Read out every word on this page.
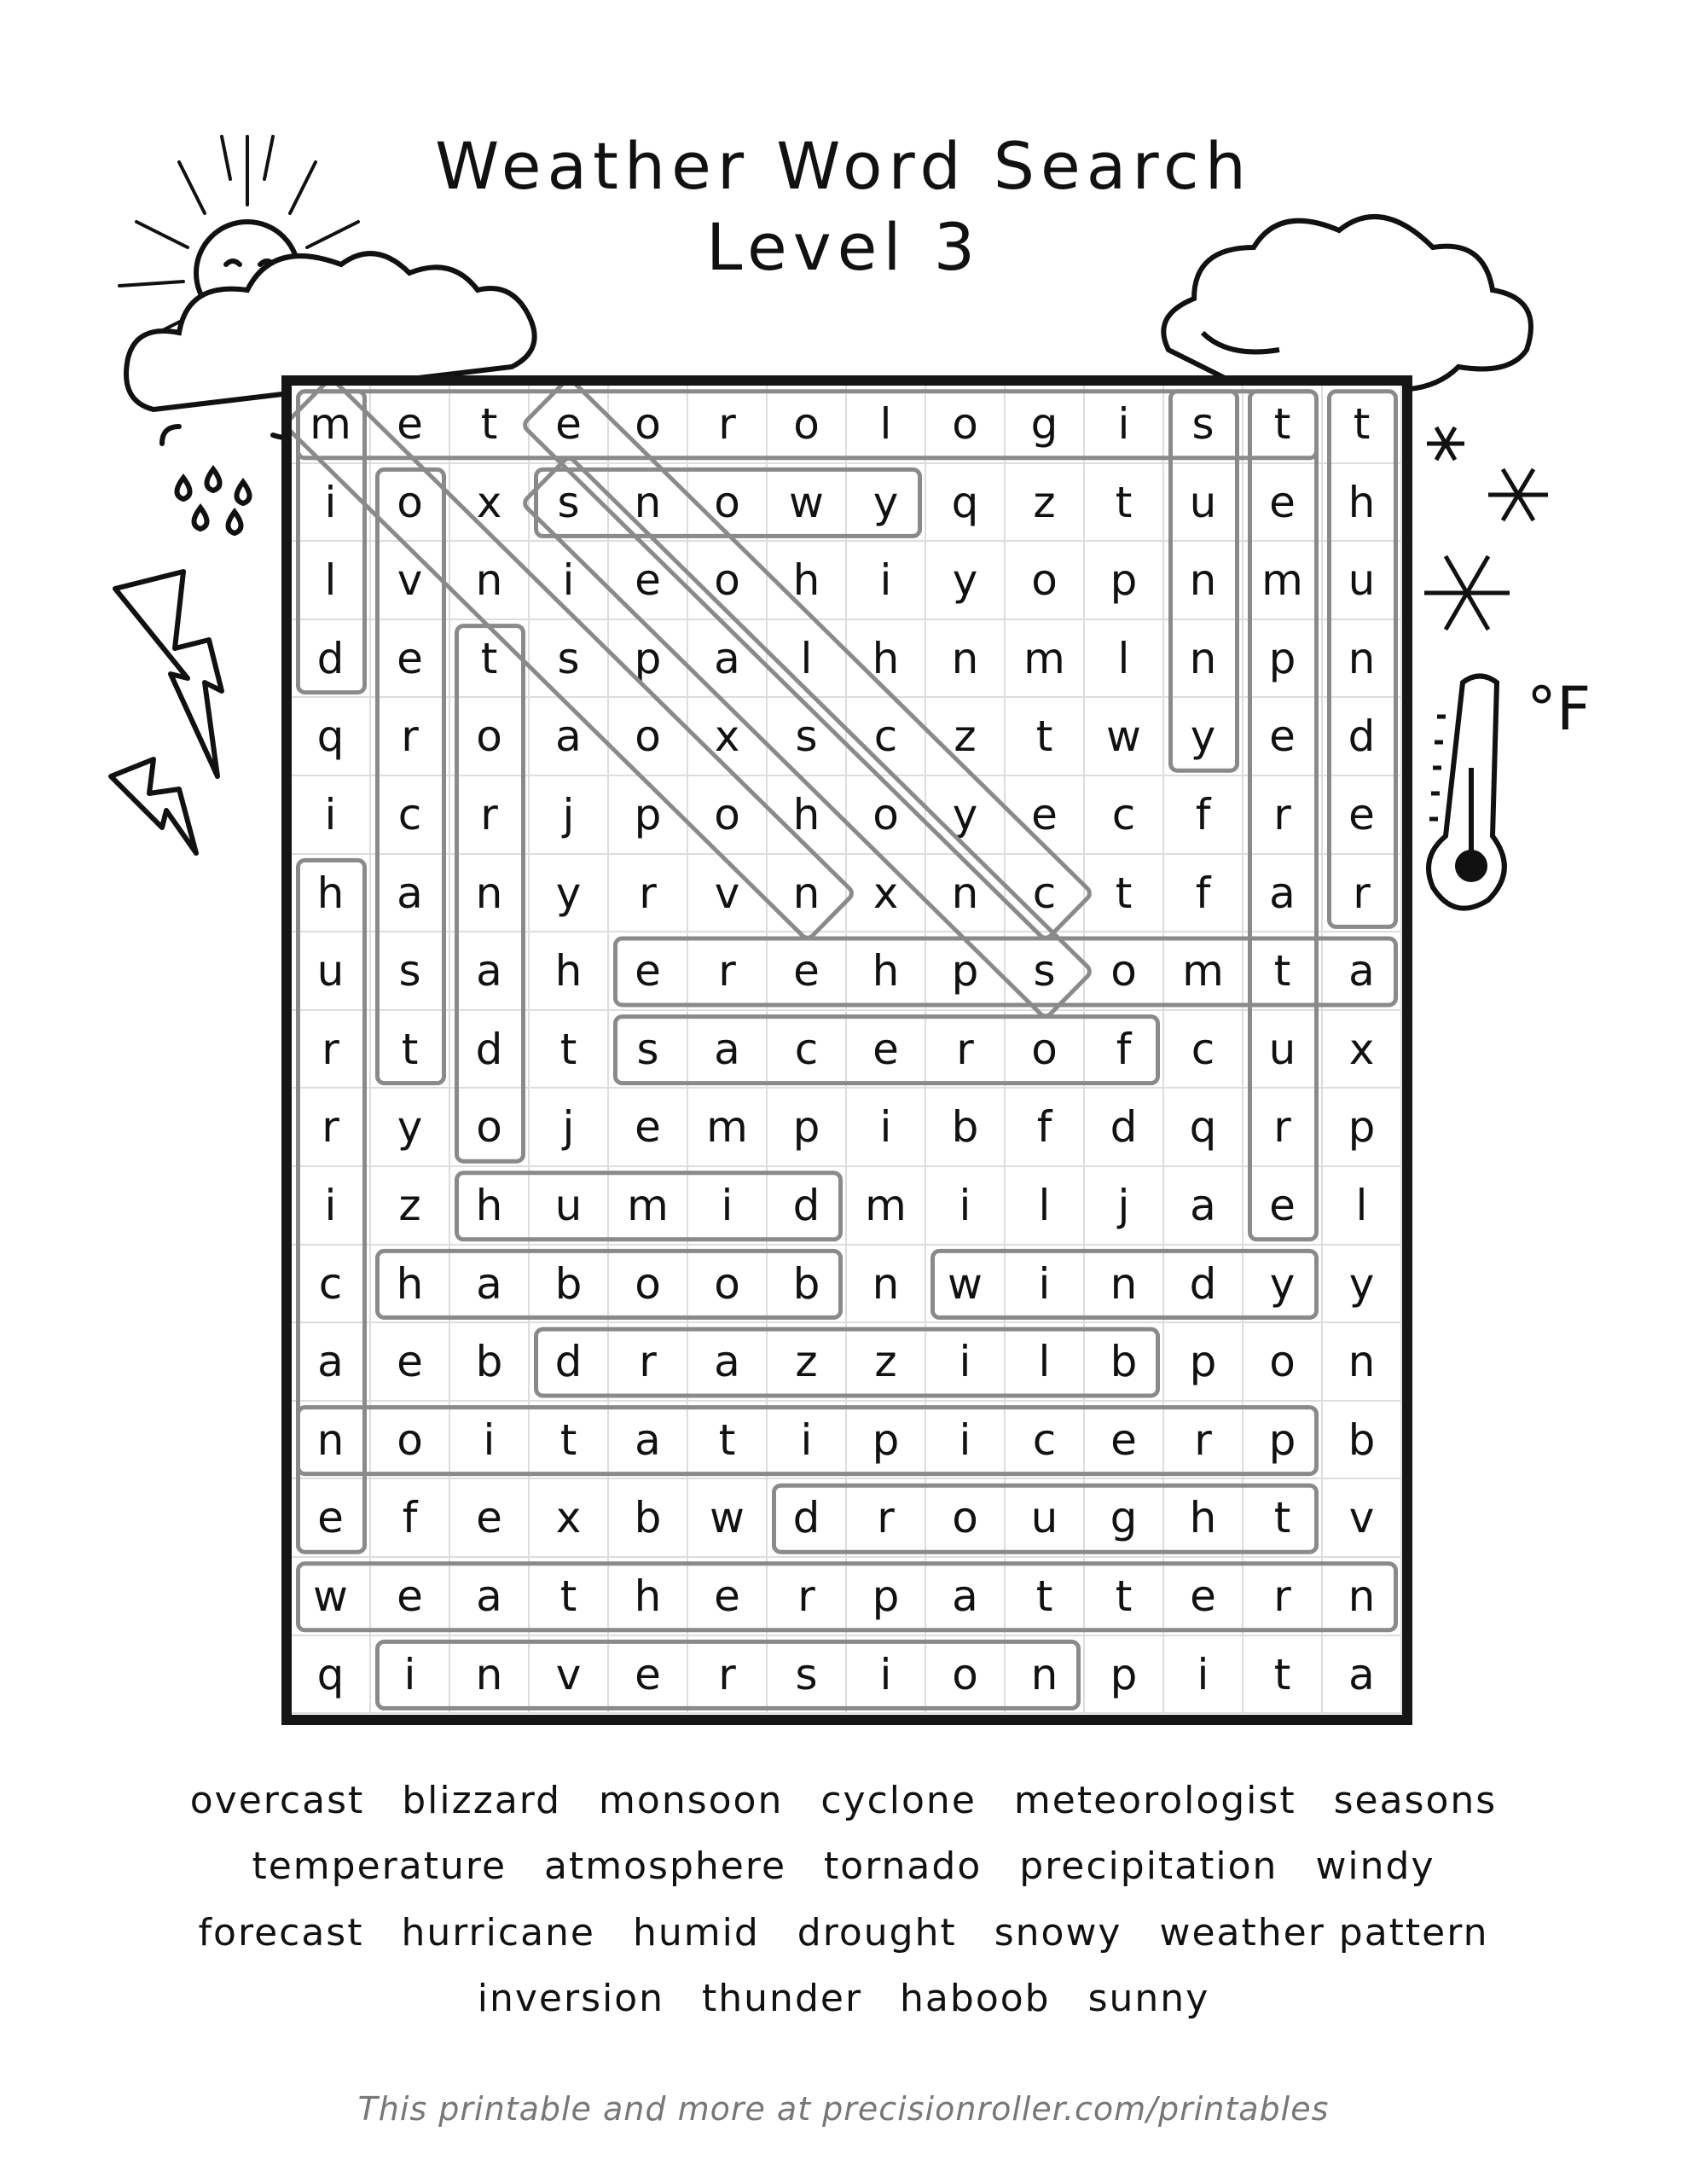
Weather Word Search
Level 3
°F
m	e	t	e	o	r	o	l	o	g	i	s	t	t
i	o	x	s	n	o	w	y	q	z	t	u	e	h
l	v	n	i	e	o	h	i	y	o	p	n	m	u
d	e	t	s	p	a	l	h	n	m	l	n	p	n
q	r	o	a	o	x	s	c	z	t	w	y	e	d
i	c	r	j	p	o	h	o	y	e	c	f	r	e
h	a	n	y	r	v	n	x	n	c	t	f	a	r
u	s	a	h	e	r	e	h	p	s	o	m	t	a
r	t	d	t	s	a	c	e	r	o	f	c	u	x
r	y	o	j	e	m	p	i	b	f	d	q	r	p
i	z	h	u	m	i	d	m	i	l	j	a	e	l
c	h	a	b	o	o	b	n	w	i	n	d	y	y
a	e	b	d	r	a	z	z	i	l	b	p	o	n
n	o	i	t	a	t	i	p	i	c	e	r	p	b
e	f	e	x	b	w	d	r	o	u	g	h	t	v
w	e	a	t	h	e	r	p	a	t	t	e	r	n
q	i	n	v	e	r	s	i	o	n	p	i	t	a
overcast blizzard monsoon cyclone meteorologist seasons
temperature atmosphere tornado precipitation windy
forecast hurricane humid drought snowy weather pattern
inversion thunder haboob sunny
This printable and more at precisionroller.com/printables
